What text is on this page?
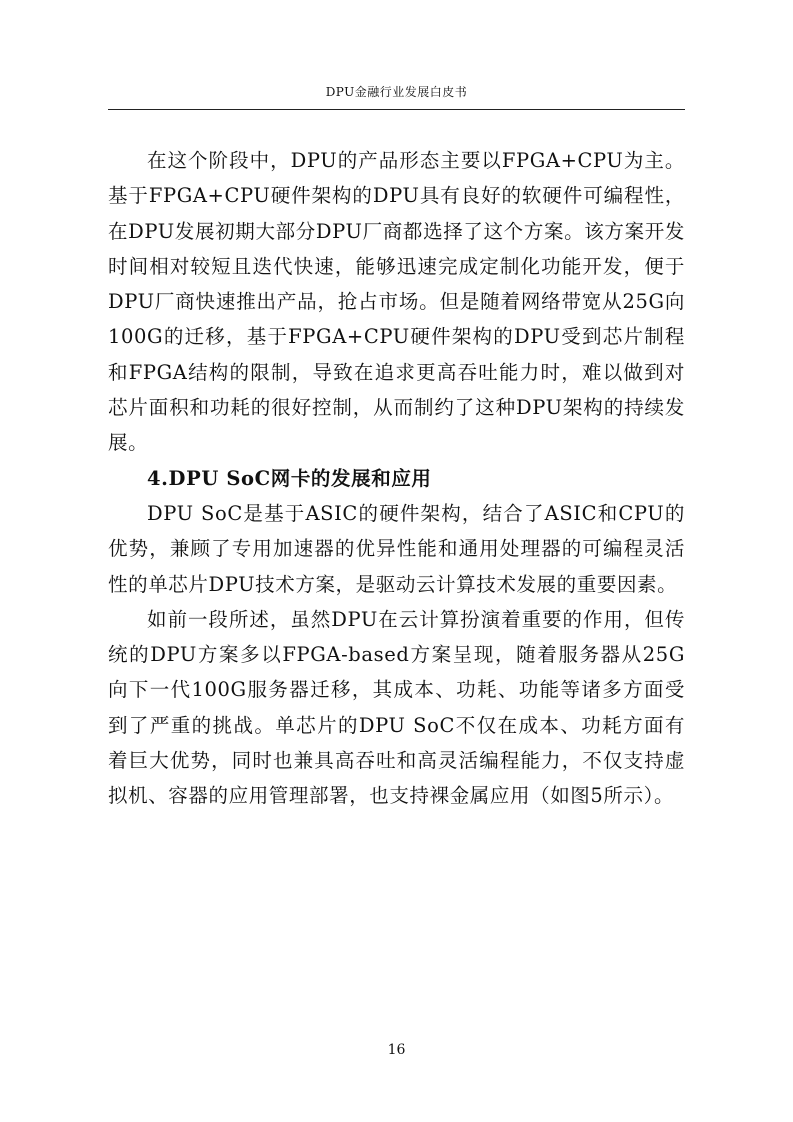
DPU金融行业发展白皮书

在这个阶段中，DPU的产品形态主要以FPGA+CPU为主。基于FPGA+CPU硬件架构的DPU具有良好的软硬件可编程性，在DPU发展初期大部分DPU厂商都选择了这个方案。该方案开发时间相对较短且迭代快速，能够迅速完成定制化功能开发，便于DPU厂商快速推出产品，抢占市场。但是随着网络带宽从25G向100G的迁移，基于FPGA+CPU硬件架构的DPU受到芯片制程和FPGA结构的限制，导致在追求更高吞吐能力时，难以做到对芯片面积和功耗的很好控制，从而制约了这种DPU架构的持续发展。

4.DPU SoC网卡的发展和应用

DPU SoC是基于ASIC的硬件架构，结合了ASIC和CPU的优势，兼顾了专用加速器的优异性能和通用处理器的可编程灵活性的单芯片DPU技术方案，是驱动云计算技术发展的重要因素。

如前一段所述，虽然DPU在云计算扮演着重要的作用，但传统的DPU方案多以FPGA-based方案呈现，随着服务器从25G向下一代100G服务器迁移，其成本、功耗、功能等诸多方面受到了严重的挑战。单芯片的DPU SoC不仅在成本、功耗方面有着巨大优势，同时也兼具高吞吐和高灵活编程能力，不仅支持虚拟机、容器的应用管理部署，也支持裸金属应用（如图5所示）。

16
